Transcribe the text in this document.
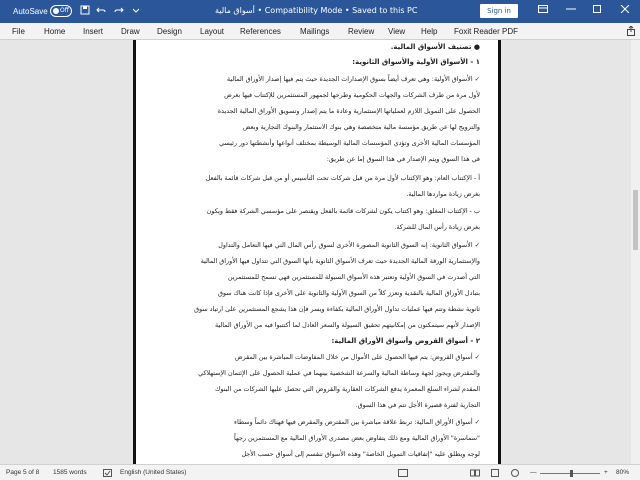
AutoSave Off	أسواق مالية • Compatibility Mode • Saved to this PC	Sign in
File Home Insert Draw Design Layout References Mailings Review View Help Foxit Reader PDF
● تصنيف الأسواق المالية.
١ - الأسواق الأولية والأسواق الثانوية:
✓ الأسواق الأولية: وهي تعرف أيضاً بسوق الإصدارات الجديدة حيث يتم فيها إصدار الأوراق المالية
لأول مرة من طرف الشركات والجهات الحكومية وطرحها لجمهور المستثمرين للإكتتاب فيها بغرض
الحصول على التمويل اللازم لعملياتها الإستثمارية وعادة ما يتم إصدار وتسويق الأوراق المالية الجديدة
والترويج لها عن طريق مؤسسة مالية متخصصة وهي بنوك الاستثمار والبنوك التجارية وبعض
المؤسسات المالية الأخرى وتؤدي المؤسسات المالية الوسيطة بمختلف أنواعها وأنشطتها دور رئيسي
في هذا السوق ويتم الإصدار في هذا السوق إما عن طريق:
أ - الإكتتاب العام: وهو الإكتتاب لأول مرة من قبل شركات تحت التأسيس أو من قبل شركات قائمة بالفعل
بغرض زيادة مواردها المالية.
ب - الإكتتاب المغلق: وهو اكتتاب يكون لشركات قائمة بالفعل ويقتصر على مؤسسي الشركة فقط ويكون
بغرض زيادة رأس المال للشركة.
✓ الأسواق الثانوية: إنه السوق الثانوية المصورة الأخرى لسوق رأس المال التي فيها التعامل والتداول
والإستثمارية الورقة المالية الجديدة حيث تعرف الأسواق الثانوية بأنها السوق التي تتداول فيها الأوراق المالية
التي أصدرت في السوق الأولية وتعتبر هذه الأسواق السيولة للمستثمرين فهي تسمح للمستثمرين
بتبادل الأوراق المالية بالنقدية وتعزز كلاً من السوق الأولية والثانوية على الأخرى فإذا كانت هناك سوق
ثانوية نشطة وتتم فيها عمليات تداول الأوراق المالية بكفاءة ويسر فإن هذا يشجع المستثمرين على ارتياد سوق
الإصدار لأنهم سيتمكنون من إمكانيتهم تحقيق السيولة والسعر العادل لما أكتتبوا فيه من الأوراق المالية
٢ - أسواق القروض وأسواق الأوراق المالية:
✓ أسواق القروض: يتم فيها الحصول على الأموال من خلال المفاوضات المباشرة بين المقرض
والمقترض ويجوز لجهة وساطة المالية والسرعة الشخصية بينهما في عملية الحصول على الإئتمان الإستهلاكي
المقدم لشراء السلع المعمرة يدفع الشركات العقارية والقروض التي تحصل عليها الشركات من البنوك
التجارية لفترة قصيرة الأجل تتم في هذا السوق.
✓ أسواق الأوراق المالية: تربط علاقة مباشرة بين المقترض والمقرض فيها فهناك دائماً وسطاء
"سماسرة" الأوراق المالية ومع ذلك يتفاوض بعض مصدري الأوراق المالية مع المستثمرين رجهاً
لوجه ويطلق عليه "إتفاقيات التمويل الخاصة" وهذه الأسواق تنقسم إلى أسواق حسب الأجل
Page 5 of 8 1585 words	English (United States)	—	+ 80%
